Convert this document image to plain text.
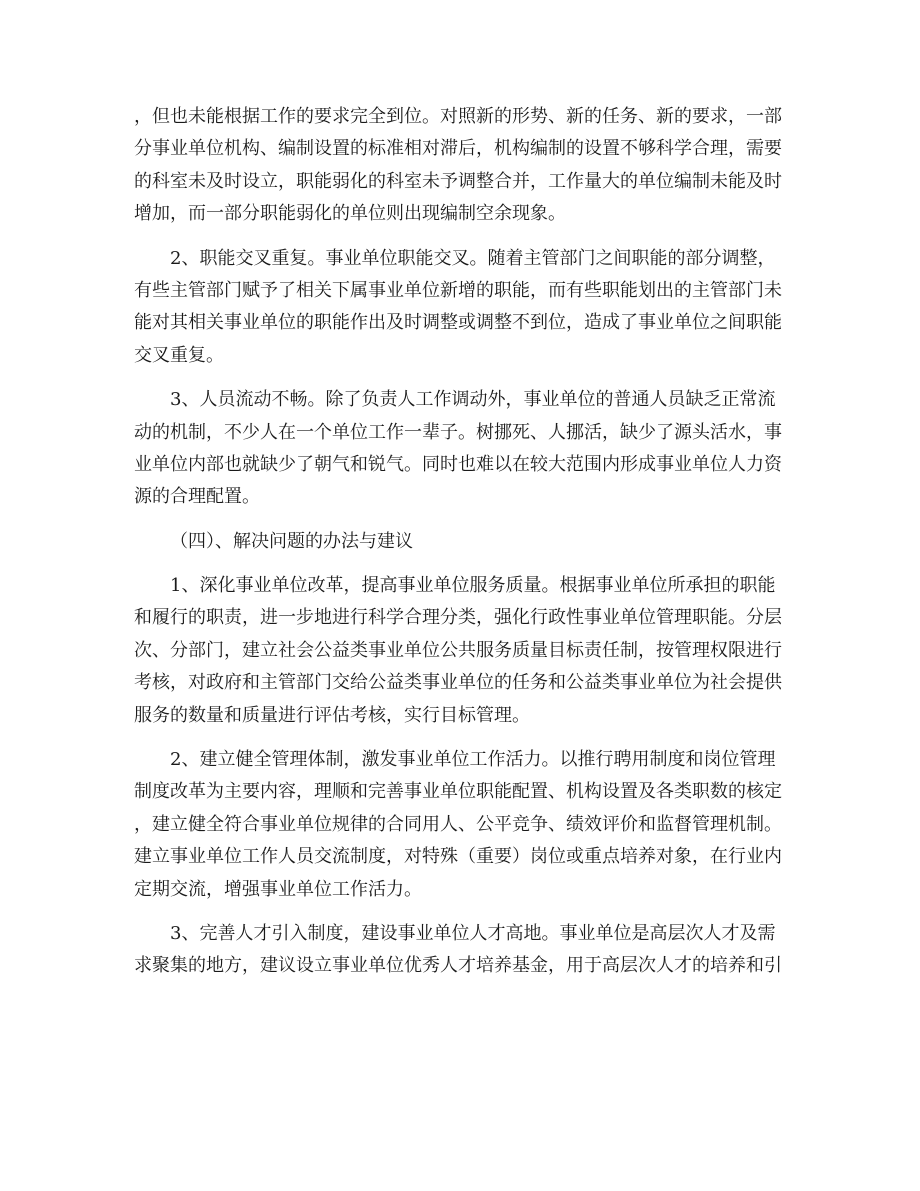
，但也未能根据工作的要求完全到位。对照新的形势、新的任务、新的要求，一部
分事业单位机构、编制设置的标准相对滞后，机构编制的设置不够科学合理，需要
的科室未及时设立，职能弱化的科室未予调整合并，工作量大的单位编制未能及时
增加，而一部分职能弱化的单位则出现编制空余现象。

2、职能交叉重复。事业单位职能交叉。随着主管部门之间职能的部分调整，
有些主管部门赋予了相关下属事业单位新增的职能，而有些职能划出的主管部门未
能对其相关事业单位的职能作出及时调整或调整不到位，造成了事业单位之间职能
交叉重复。

3、人员流动不畅。除了负责人工作调动外，事业单位的普通人员缺乏正常流
动的机制，不少人在一个单位工作一辈子。树挪死、人挪活，缺少了源头活水，事
业单位内部也就缺少了朝气和锐气。同时也难以在较大范围内形成事业单位人力资
源的合理配置。

（四）、解决问题的办法与建议

1、深化事业单位改革，提高事业单位服务质量。根据事业单位所承担的职能
和履行的职责，进一步地进行科学合理分类，强化行政性事业单位管理职能。分层
次、分部门，建立社会公益类事业单位公共服务质量目标责任制，按管理权限进行
考核，对政府和主管部门交给公益类事业单位的任务和公益类事业单位为社会提供
服务的数量和质量进行评估考核，实行目标管理。

2、建立健全管理体制，激发事业单位工作活力。以推行聘用制度和岗位管理
制度改革为主要内容，理顺和完善事业单位职能配置、机构设置及各类职数的核定
，建立健全符合事业单位规律的合同用人、公平竞争、绩效评价和监督管理机制。
建立事业单位工作人员交流制度，对特殊（重要）岗位或重点培养对象，在行业内
定期交流，增强事业单位工作活力。

3、完善人才引入制度，建设事业单位人才高地。事业单位是高层次人才及需
求聚集的地方，建议设立事业单位优秀人才培养基金，用于高层次人才的培养和引
